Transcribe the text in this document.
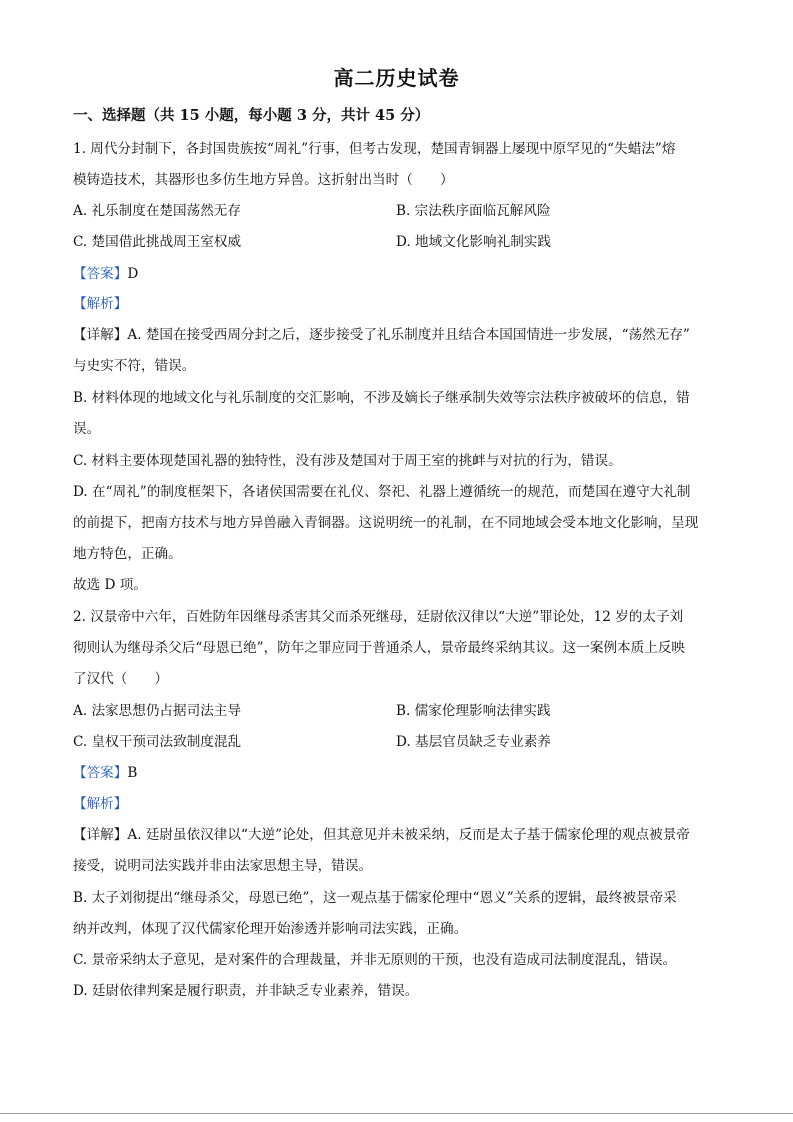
高二历史试卷
一、选择题（共 15 小题，每小题 3 分，共计 45 分）
1. 周代分封制下，各封国贵族按“周礼”行事，但考古发现，楚国青铜器上屡现中原罕见的“失蜡法”熔
模铸造技术，其器形也多仿生地方异兽。这折射出当时（　　）
A. 礼乐制度在楚国荡然无存	B. 宗法秩序面临瓦解风险
C. 楚国借此挑战周王室权威	D. 地域文化影响礼制实践
【答案】D
【解析】
【详解】A. 楚国在接受西周分封之后，逐步接受了礼乐制度并且结合本国国情进一步发展，“荡然无存”
与史实不符，错误。
B. 材料体现的地域文化与礼乐制度的交汇影响，不涉及嫡长子继承制失效等宗法秩序被破坏的信息，错
误。
C. 材料主要体现楚国礼器的独特性，没有涉及楚国对于周王室的挑衅与对抗的行为，错误。
D. 在“周礼”的制度框架下，各诸侯国需要在礼仪、祭祀、礼器上遵循统一的规范，而楚国在遵守大礼制
的前提下，把南方技术与地方异兽融入青铜器。这说明统一的礼制，在不同地域会受本地文化影响，呈现
地方特色，正确。
故选 D 项。
2. 汉景帝中六年，百姓防年因继母杀害其父而杀死继母，廷尉依汉律以“大逆”罪论处，12 岁的太子刘
彻则认为继母杀父后“母恩已绝”，防年之罪应同于普通杀人，景帝最终采纳其议。这一案例本质上反映
了汉代（　　）
A. 法家思想仍占据司法主导	B. 儒家伦理影响法律实践
C. 皇权干预司法致制度混乱	D. 基层官员缺乏专业素养
【答案】B
【解析】
【详解】A. 廷尉虽依汉律以“大逆”论处，但其意见并未被采纳，反而是太子基于儒家伦理的观点被景帝
接受，说明司法实践并非由法家思想主导，错误。
B. 太子刘彻提出“继母杀父，母恩已绝”，这一观点基于儒家伦理中“恩义”关系的逻辑，最终被景帝采
纳并改判，体现了汉代儒家伦理开始渗透并影响司法实践，正确。
C. 景帝采纳太子意见，是对案件的合理裁量，并非无原则的干预，也没有造成司法制度混乱，错误。
D. 廷尉依律判案是履行职责，并非缺乏专业素养，错误。
